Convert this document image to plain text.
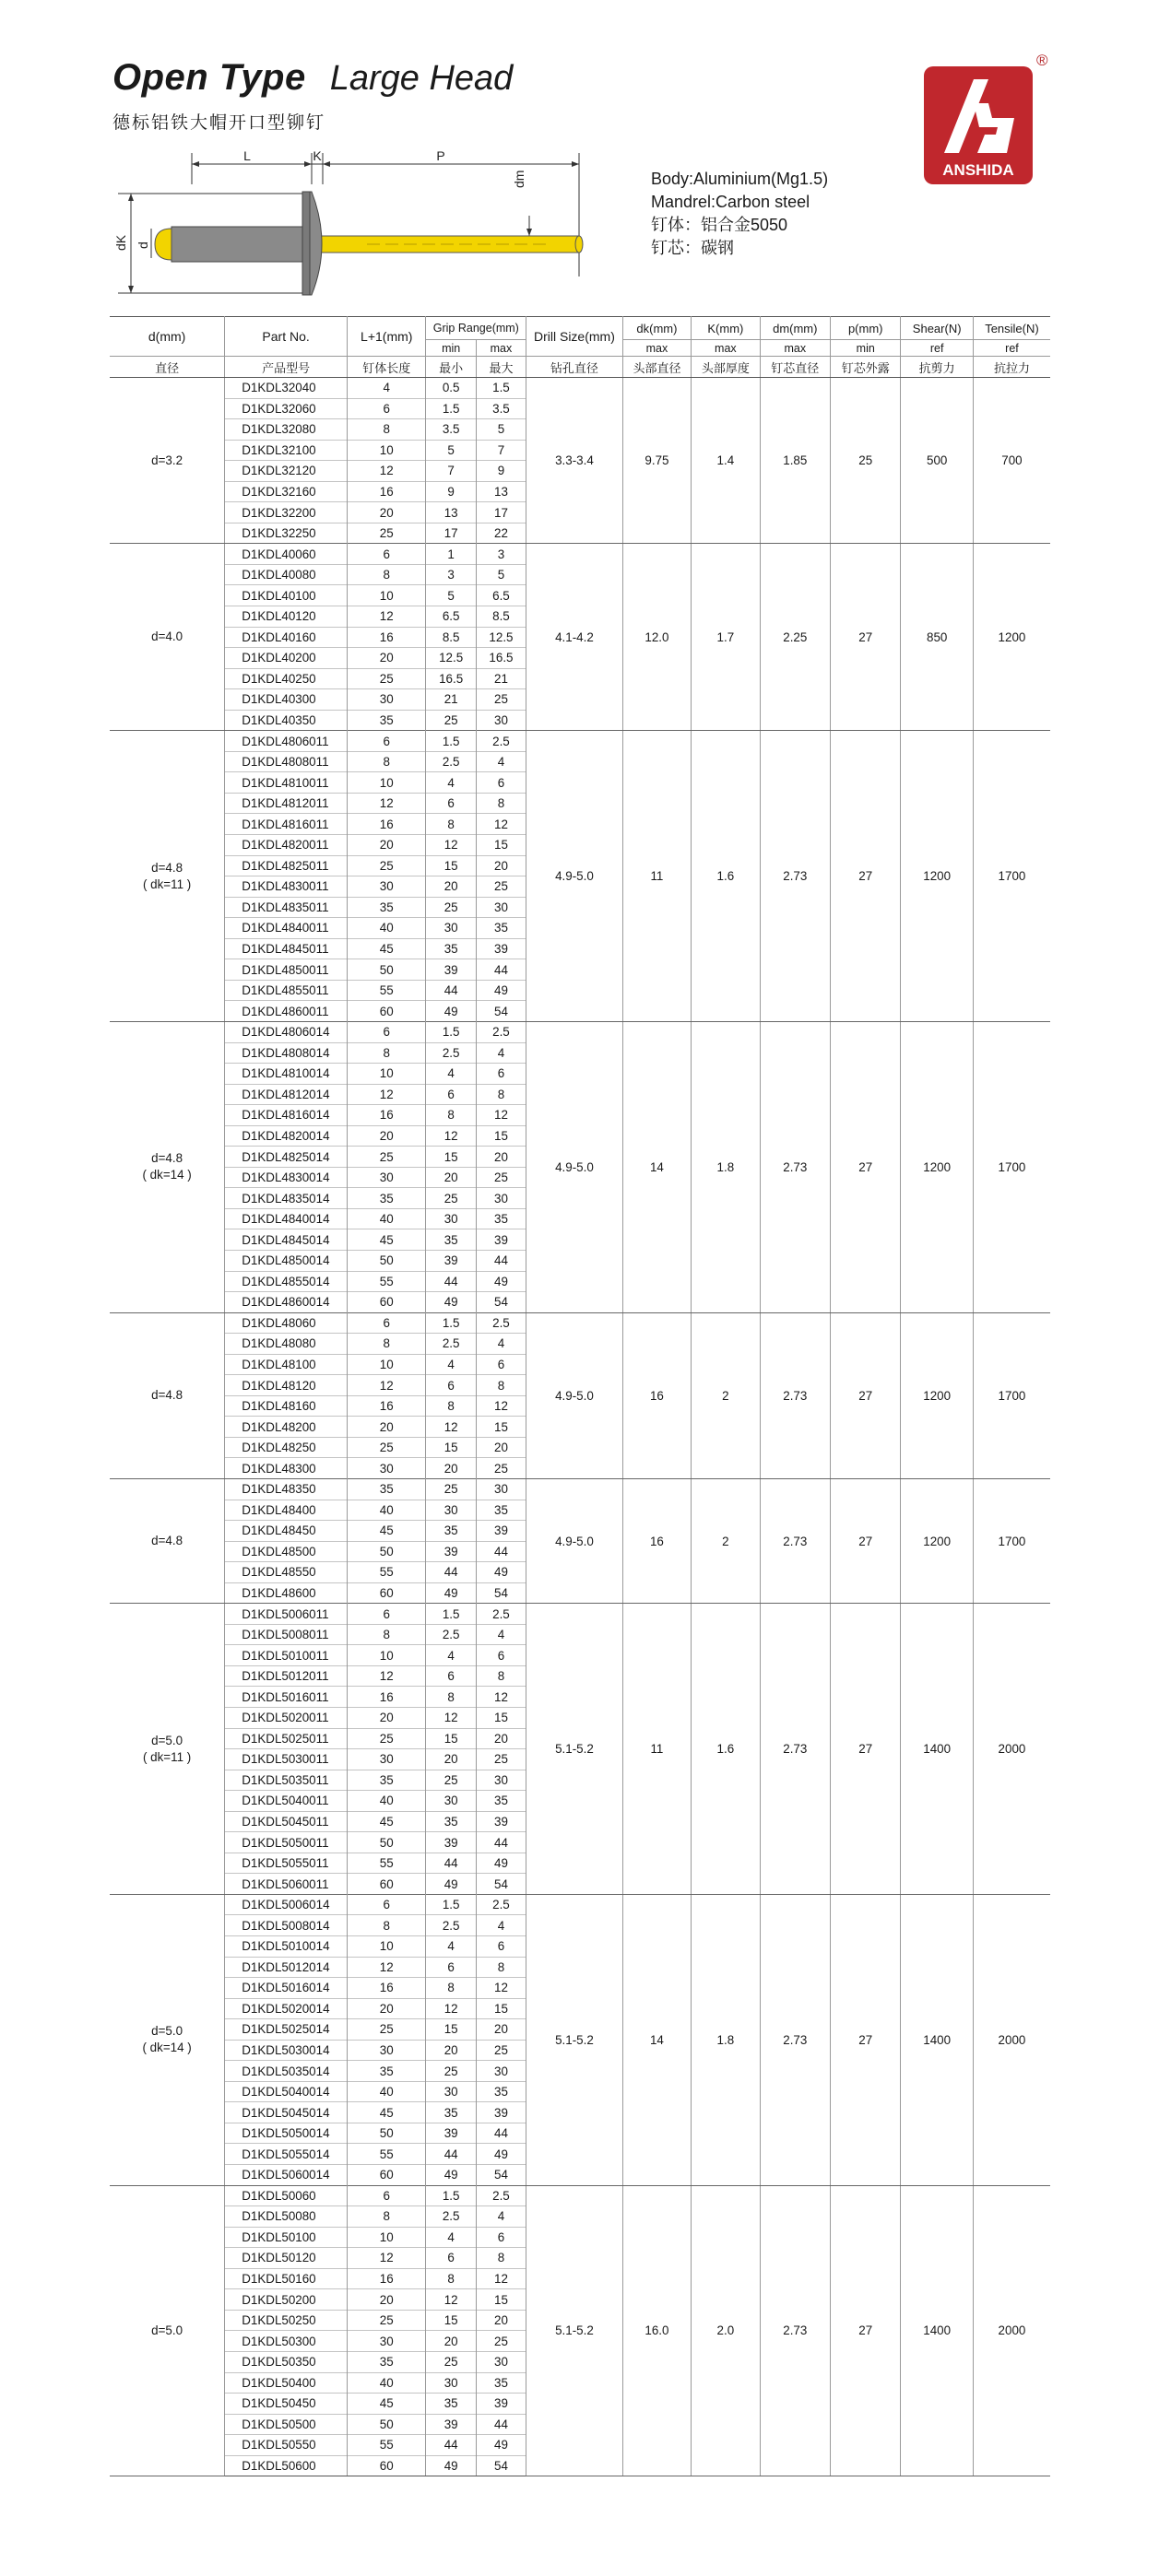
Open Type Large Head
德标铝铁大帽开口型铆钉
ANSHIDA
®
L	K	P
dm
dK d
Body:Aluminium(Mg1.5)
Mandrel:Carbon steel
钉体：铝合金5050
钉芯：碳钢
d(mm)	Part No.	L+1(mm)	Grip Range(mm)		Drill Size(mm)	dk(mm)	K(mm)	dm(mm)	p(mm)	Shear(N)	Tensile(N)
			min	max		max	max	max	min	ref	ref
直径	产品型号	钉体长度	最小	最大	钻孔直径	头部直径	头部厚度	钉芯直径	钉芯外露	抗剪力	抗拉力
d=3.2	D1KDL32040	4	0.5	1.5	3.3-3.4	9.75	1.4	1.85	25	500	700
	D1KDL32060	6	1.5	3.5							
	D1KDL32080	8	3.5	5							
	D1KDL32100	10	5	7							
	D1KDL32120	12	7	9							
	D1KDL32160	16	9	13							
	D1KDL32200	20	13	17							
	D1KDL32250	25	17	22							
d=4.0	D1KDL40060	6	1	3	4.1-4.2	12.0	1.7	2.25	27	850	1200
	D1KDL40080	8	3	5							
	D1KDL40100	10	5	6.5							
	D1KDL40120	12	6.5	8.5							
	D1KDL40160	16	8.5	12.5							
	D1KDL40200	20	12.5	16.5							
	D1KDL40250	25	16.5	21							
	D1KDL40300	30	21	25							
	D1KDL40350	35	25	30							
d=4.8
( dk=11 )	D1KDL4806011	6	1.5	2.5	4.9-5.0	11	1.6	2.73	27	1200	1700
	D1KDL4808011	8	2.5	4							
	D1KDL4810011	10	4	6							
	D1KDL4812011	12	6	8							
	D1KDL4816011	16	8	12							
	D1KDL4820011	20	12	15							
	D1KDL4825011	25	15	20							
	D1KDL4830011	30	20	25							
	D1KDL4835011	35	25	30							
	D1KDL4840011	40	30	35							
	D1KDL4845011	45	35	39							
	D1KDL4850011	50	39	44							
	D1KDL4855011	55	44	49							
	D1KDL4860011	60	49	54							
d=4.8
( dk=14 )	D1KDL4806014	6	1.5	2.5	4.9-5.0	14	1.8	2.73	27	1200	1700
	D1KDL4808014	8	2.5	4							
	D1KDL4810014	10	4	6							
	D1KDL4812014	12	6	8							
	D1KDL4816014	16	8	12							
	D1KDL4820014	20	12	15							
	D1KDL4825014	25	15	20							
	D1KDL4830014	30	20	25							
	D1KDL4835014	35	25	30							
	D1KDL4840014	40	30	35							
	D1KDL4845014	45	35	39							
	D1KDL4850014	50	39	44							
	D1KDL4855014	55	44	49							
	D1KDL4860014	60	49	54							
d=4.8	D1KDL48060	6	1.5	2.5	4.9-5.0	16	2	2.73	27	1200	1700
	D1KDL48080	8	2.5	4							
	D1KDL48100	10	4	6							
	D1KDL48120	12	6	8							
	D1KDL48160	16	8	12							
	D1KDL48200	20	12	15							
	D1KDL48250	25	15	20							
	D1KDL48300	30	20	25							
d=4.8	D1KDL48350	35	25	30	4.9-5.0	16	2	2.73	27	1200	1700
	D1KDL48400	40	30	35							
	D1KDL48450	45	35	39							
	D1KDL48500	50	39	44							
	D1KDL48550	55	44	49							
	D1KDL48600	60	49	54							
d=5.0
( dk=11 )	D1KDL5006011	6	1.5	2.5	5.1-5.2	11	1.6	2.73	27	1400	2000
	D1KDL5008011	8	2.5	4							
	D1KDL5010011	10	4	6							
	D1KDL5012011	12	6	8							
	D1KDL5016011	16	8	12							
	D1KDL5020011	20	12	15							
	D1KDL5025011	25	15	20							
	D1KDL5030011	30	20	25							
	D1KDL5035011	35	25	30							
	D1KDL5040011	40	30	35							
	D1KDL5045011	45	35	39							
	D1KDL5050011	50	39	44							
	D1KDL5055011	55	44	49							
	D1KDL5060011	60	49	54							
d=5.0
( dk=14 )	D1KDL5006014	6	1.5	2.5	5.1-5.2	14	1.8	2.73	27	1400	2000
	D1KDL5008014	8	2.5	4							
	D1KDL5010014	10	4	6							
	D1KDL5012014	12	6	8							
	D1KDL5016014	16	8	12							
	D1KDL5020014	20	12	15							
	D1KDL5025014	25	15	20							
	D1KDL5030014	30	20	25							
	D1KDL5035014	35	25	30							
	D1KDL5040014	40	30	35							
	D1KDL5045014	45	35	39							
	D1KDL5050014	50	39	44							
	D1KDL5055014	55	44	49							
	D1KDL5060014	60	49	54							
d=5.0	D1KDL50060	6	1.5	2.5	5.1-5.2	16.0	2.0	2.73	27	1400	2000
	D1KDL50080	8	2.5	4							
	D1KDL50100	10	4	6							
	D1KDL50120	12	6	8							
	D1KDL50160	16	8	12							
	D1KDL50200	20	12	15							
	D1KDL50250	25	15	20							
	D1KDL50300	30	20	25							
	D1KDL50350	35	25	30							
	D1KDL50400	40	30	35							
	D1KDL50450	45	35	39							
	D1KDL50500	50	39	44							
	D1KDL50550	55	44	49							
	D1KDL50600	60	49	54							
